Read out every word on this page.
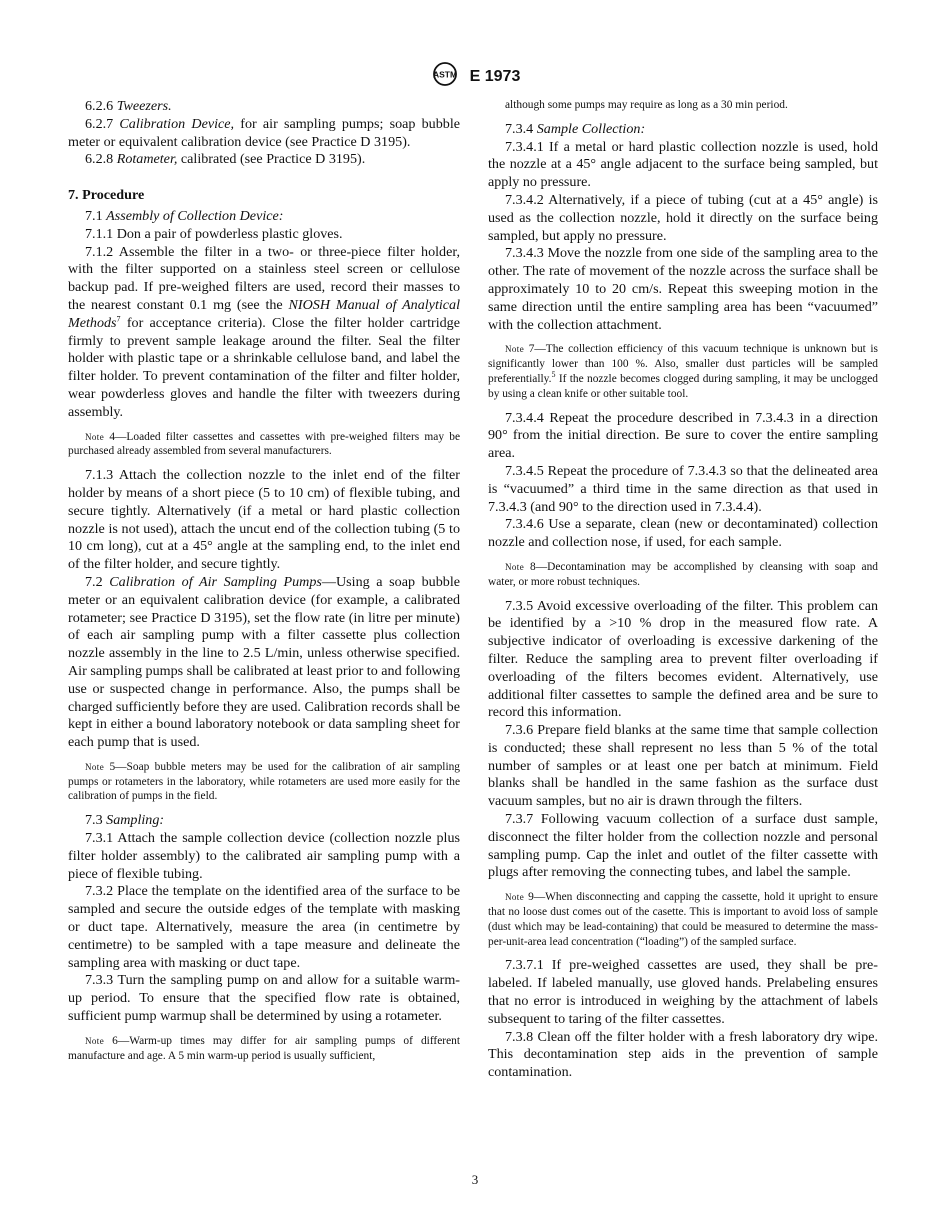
ASTM E 1973

6.2.6 Tweezers.

6.2.7 Calibration Device, for air sampling pumps; soap bubble meter or equivalent calibration device (see Practice D 3195).

6.2.8 Rotameter, calibrated (see Practice D 3195).

7. Procedure

7.1 Assembly of Collection Device:

7.1.1 Don a pair of powderless plastic gloves.

7.1.2 Assemble the filter in a two- or three-piece filter holder, with the filter supported on a stainless steel screen or cellulose backup pad. If pre-weighed filters are used, record their masses to the nearest constant 0.1 mg (see the NIOSH Manual of Analytical Methods$^7$ for acceptance criteria). Close the filter holder cartridge firmly to prevent sample leakage around the filter. Seal the filter holder with plastic tape or a shrinkable cellulose band, and label the filter holder. To prevent contamination of the filter and filter holder, wear powderless gloves and handle the filter with tweezers during assembly.

Note 4—Loaded filter cassettes and cassettes with pre-weighed filters may be purchased already assembled from several manufacturers.

7.1.3 Attach the collection nozzle to the inlet end of the filter holder by means of a short piece (5 to 10 cm) of flexible tubing, and secure tightly. Alternatively (if a metal or hard plastic collection nozzle is not used), attach the uncut end of the collection tubing (5 to 10 cm long), cut at a 45° angle at the sampling end, to the inlet end of the filter holder, and secure tightly.

7.2 Calibration of Air Sampling Pumps—Using a soap bubble meter or an equivalent calibration device (for example, a calibrated rotameter; see Practice D 3195), set the flow rate (in litre per minute) of each air sampling pump with a filter cassette plus collection nozzle assembly in the line to 2.5 L/min, unless otherwise specified. Air sampling pumps shall be calibrated at least prior to and following use or suspected change in performance. Also, the pumps shall be charged sufficiently before they are used. Calibration records shall be kept in either a bound laboratory notebook or data sampling sheet for each pump that is used.

Note 5—Soap bubble meters may be used for the calibration of air sampling pumps or rotameters in the laboratory, while rotameters are used more easily for the calibration of pumps in the field.

7.3 Sampling:

7.3.1 Attach the sample collection device (collection nozzle plus filter holder assembly) to the calibrated air sampling pump with a piece of flexible tubing.

7.3.2 Place the template on the identified area of the surface to be sampled and secure the outside edges of the template with masking or duct tape. Alternatively, measure the area (in centimetre by centimetre) to be sampled with a tape measure and delineate the sampling area with masking or duct tape.

7.3.3 Turn the sampling pump on and allow for a suitable warm-up period. To ensure that the specified flow rate is obtained, sufficient pump warmup shall be determined by using a rotameter.

Note 6—Warm-up times may differ for air sampling pumps of different manufacture and age. A 5 min warm-up period is usually sufficient,

although some pumps may require as long as a 30 min period.

7.3.4 Sample Collection:

7.3.4.1 If a metal or hard plastic collection nozzle is used, hold the nozzle at a 45° angle adjacent to the surface being sampled, but apply no pressure.

7.3.4.2 Alternatively, if a piece of tubing (cut at a 45° angle) is used as the collection nozzle, hold it directly on the surface being sampled, but apply no pressure.

7.3.4.3 Move the nozzle from one side of the sampling area to the other. The rate of movement of the nozzle across the surface shall be approximately 10 to 20 cm/s. Repeat this sweeping motion in the same direction until the entire sampling area has been “vacuumed” with the collection attachment.

Note 7—The collection efficiency of this vacuum technique is unknown but is significantly lower than 100 %. Also, smaller dust particles will be sampled preferentially.$^5$ If the nozzle becomes clogged during sampling, it may be unclogged by using a clean knife or other suitable tool.

7.3.4.4 Repeat the procedure described in 7.3.4.3 in a direction 90° from the initial direction. Be sure to cover the entire sampling area.

7.3.4.5 Repeat the procedure of 7.3.4.3 so that the delineated area is “vacuumed” a third time in the same direction as that used in 7.3.4.3 (and 90° to the direction used in 7.3.4.4).

7.3.4.6 Use a separate, clean (new or decontaminated) collection nozzle and collection nose, if used, for each sample.

Note 8—Decontamination may be accomplished by cleansing with soap and water, or more robust techniques.

7.3.5 Avoid excessive overloading of the filter. This problem can be identified by a >10 % drop in the measured flow rate. A subjective indicator of overloading is excessive darkening of the filter. Reduce the sampling area to prevent filter overloading if overloading of the filters becomes evident. Alternatively, use additional filter cassettes to sample the defined area and be sure to record this information.

7.3.6 Prepare field blanks at the same time that sample collection is conducted; these shall represent no less than 5 % of the total number of samples or at least one per batch at minimum. Field blanks shall be handled in the same fashion as the surface dust vacuum samples, but no air is drawn through the filters.

7.3.7 Following vacuum collection of a surface dust sample, disconnect the filter holder from the collection nozzle and personal sampling pump. Cap the inlet and outlet of the filter cassette with plugs after removing the connecting tubes, and label the sample.

Note 9—When disconnecting and capping the cassette, hold it upright to ensure that no loose dust comes out of the casette. This is important to avoid loss of sample (dust which may be lead-containing) that could be measured to determine the mass-per-unit-area lead concentration (“loading”) of the sampled surface.

7.3.7.1 If pre-weighed cassettes are used, they shall be pre-labeled. If labeled manually, use gloved hands. Prelabeling ensures that no error is introduced in weighing by the attachment of labels subsequent to taring of the filter cassettes.

7.3.8 Clean off the filter holder with a fresh laboratory dry wipe. This decontamination step aids in the prevention of sample contamination.

3
